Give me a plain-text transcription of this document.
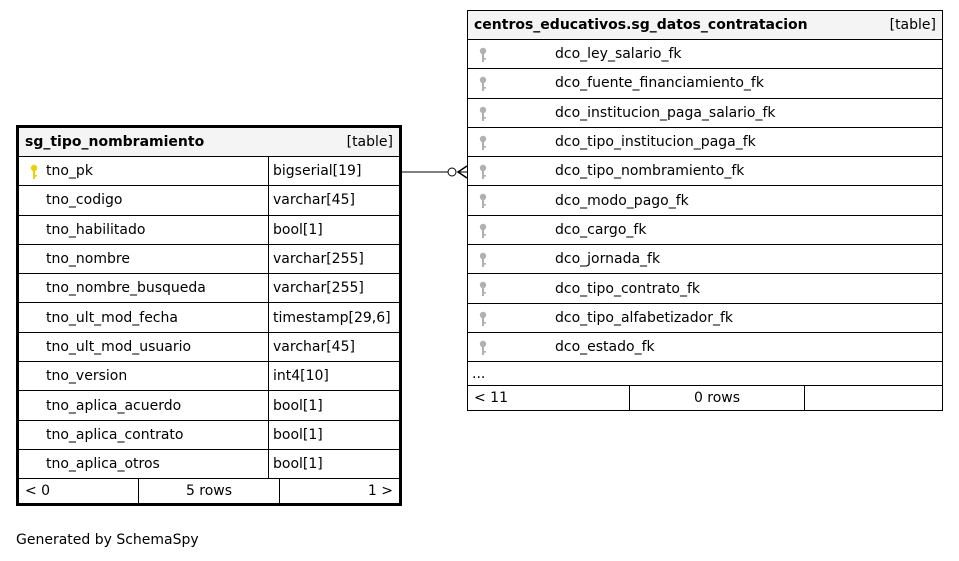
centros_educativos.sg_datos_contratacion	[table]
dco_ley_salario_fk
dco_fuente_financiamiento_fk
dco_institucion_paga_salario_fk
dco_tipo_institucion_paga_fk
dco_tipo_nombramiento_fk
dco_modo_pago_fk
dco_cargo_fk
dco_jornada_fk
dco_tipo_contrato_fk
dco_tipo_alfabetizador_fk
dco_estado_fk
...
< 11	0 rows
sg_tipo_nombramiento	[table]
tno_pk	bigserial[19]
tno_codigo	varchar[45]
tno_habilitado	bool[1]
tno_nombre	varchar[255]
tno_nombre_busqueda	varchar[255]
tno_ult_mod_fecha	timestamp[29,6]
tno_ult_mod_usuario	varchar[45]
tno_version	int4[10]
tno_aplica_acuerdo	bool[1]
tno_aplica_contrato	bool[1]
tno_aplica_otros	bool[1]
< 0	5 rows	1 >
Generated by SchemaSpy
